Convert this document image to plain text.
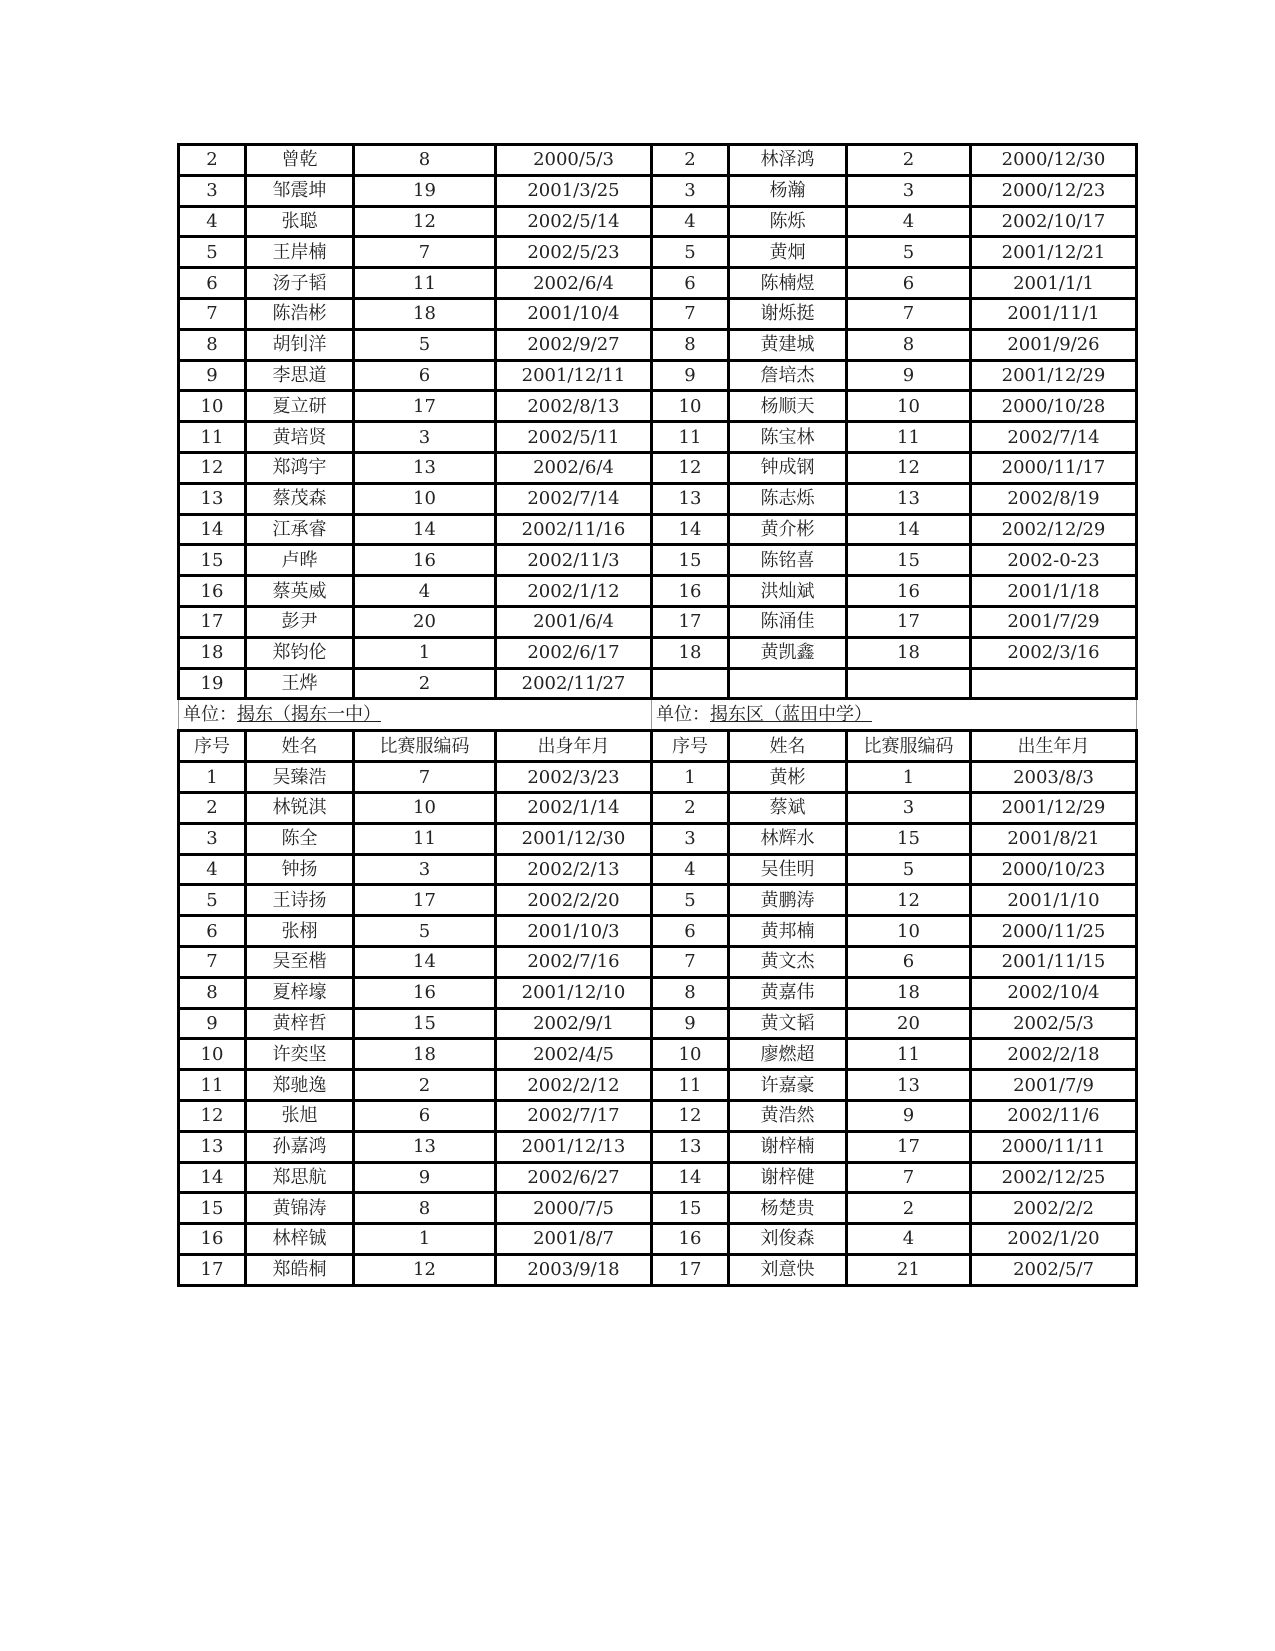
2	曾乾	8	2000/5/3	2	林泽鸿	2	2000/12/30
3	邹震坤	19	2001/3/25	3	杨瀚	3	2000/12/23
4	张聪	12	2002/5/14	4	陈烁	4	2002/10/17
5	王岸楠	7	2002/5/23	5	黄炯	5	2001/12/21
6	汤子韬	11	2002/6/4	6	陈楠煜	6	2001/1/1
7	陈浩彬	18	2001/10/4	7	谢烁挺	7	2001/11/1
8	胡钊洋	5	2002/9/27	8	黄建城	8	2001/9/26
9	李思道	6	2001/12/11	9	詹培杰	9	2001/12/29
10	夏立研	17	2002/8/13	10	杨顺天	10	2000/10/28
11	黄培贤	3	2002/5/11	11	陈宝林	11	2002/7/14
12	郑鸿宇	13	2002/6/4	12	钟成钢	12	2000/11/17
13	蔡茂森	10	2002/7/14	13	陈志烁	13	2002/8/19
14	江承睿	14	2002/11/16	14	黄介彬	14	2002/12/29
15	卢晔	16	2002/11/3	15	陈铭喜	15	2002-0-23
16	蔡英威	4	2002/1/12	16	洪灿斌	16	2001/1/18
17	彭尹	20	2001/6/4	17	陈涌佳	17	2001/7/29
18	郑钧伦	1	2002/6/17	18	黄凯鑫	18	2002/3/16
19	王烨	2	2002/11/27				
单位：揭东（揭东一中）				单位：揭东区（蓝田中学）			
序号	姓名	比赛服编码	出身年月	序号	姓名	比赛服编码	出生年月
1	吴臻浩	7	2002/3/23	1	黄彬	1	2003/8/3
2	林锐淇	10	2002/1/14	2	蔡斌	3	2001/12/29
3	陈全	11	2001/12/30	3	林辉水	15	2001/8/21
4	钟扬	3	2002/2/13	4	吴佳明	5	2000/10/23
5	王诗扬	17	2002/2/20	5	黄鹏涛	12	2001/1/10
6	张栩	5	2001/10/3	6	黄邦楠	10	2000/11/25
7	吴至楷	14	2002/7/16	7	黄文杰	6	2001/11/15
8	夏梓壕	16	2001/12/10	8	黄嘉伟	18	2002/10/4
9	黄梓哲	15	2002/9/1	9	黄文韬	20	2002/5/3
10	许奕坚	18	2002/4/5	10	廖燃超	11	2002/2/18
11	郑驰逸	2	2002/2/12	11	许嘉豪	13	2001/7/9
12	张旭	6	2002/7/17	12	黄浩然	9	2002/11/6
13	孙嘉鸿	13	2001/12/13	13	谢梓楠	17	2000/11/11
14	郑思航	9	2002/6/27	14	谢梓健	7	2002/12/25
15	黄锦涛	8	2000/7/5	15	杨楚贵	2	2002/2/2
16	林梓铖	1	2001/8/7	16	刘俊森	4	2002/1/20
17	郑皓桐	12	2003/9/18	17	刘意快	21	2002/5/7
